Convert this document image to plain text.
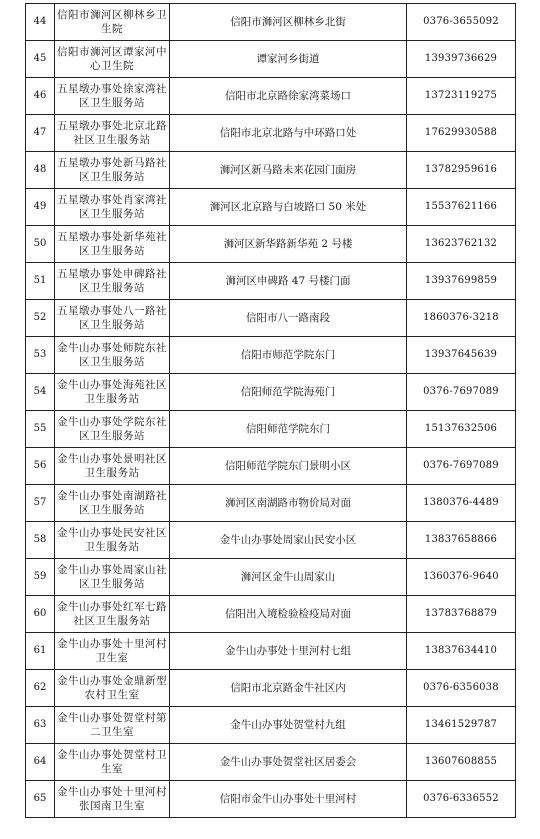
44	信阳市浉河区柳林乡卫生院	信阳市浉河区柳林乡北街	0376-3655092
45	信阳市浉河区谭家河中心卫生院	谭家河乡街道	13939736629
46	五星墩办事处徐家湾社区卫生服务站	信阳市北京路徐家湾菜场口	13723119275
47	五星墩办事处北京北路社区卫生服务站	信阳市北京北路与中环路口处	17629930588
48	五星墩办事处新马路社区卫生服务站	浉河区新马路未来花园门面房	13782959616
49	五星墩办事处肖家湾社区卫生服务站	浉河区北京路与白坡路口 50 米处	15537621166
50	五星墩办事处新华苑社区卫生服务站	浉河区新华路新华苑 2 号楼	13623762132
51	五星墩办事处申碑路社区卫生服务站	浉河区申碑路 47 号楼门面	13937699859
52	五星墩办事处八一路社区卫生服务站	信阳市八一路南段	1860376-3218
53	金牛山办事处师院东社区卫生服务站	信阳市师范学院东门	13937645639
54	金牛山办事处海苑社区卫生服务站	信阳师范学院海苑门	0376-7697089
55	金牛山办事处学院东社区卫生服务站	信阳师范学院东门	15137632506
56	金牛山办事处景明社区卫生服务站	信阳师范学院东门景明小区	0376-7697089
57	金牛山办事处南湖路社区卫生服务站	浉河区南湖路市物价局对面	1380376-4489
58	金牛山办事处民安社区卫生服务站	金牛山办事处周家山民安小区	13837658866
59	金牛山办事处周家山社区卫生服务站	浉河区金牛山周家山	1360376-9640
60	金牛山办事处红军七路社区卫生服务站	信阳出入境检验检疫局对面	13783768879
61	金牛山办事处十里河村卫生室	金牛山办事处十里河村七组	13837634410
62	金牛山办事处金鼎新型农村卫生室	信阳市北京路金牛社区内	0376-6356038
63	金牛山办事处贺堂村第二卫生室	金牛山办事处贺堂村九组	13461529787
64	金牛山办事处贺堂村卫生室	金牛山办事处贺堂社区居委会	13607608855
65	金牛山办事处十里河村张国南卫生室	信阳市金牛山办事处十里河村	0376-6336552
